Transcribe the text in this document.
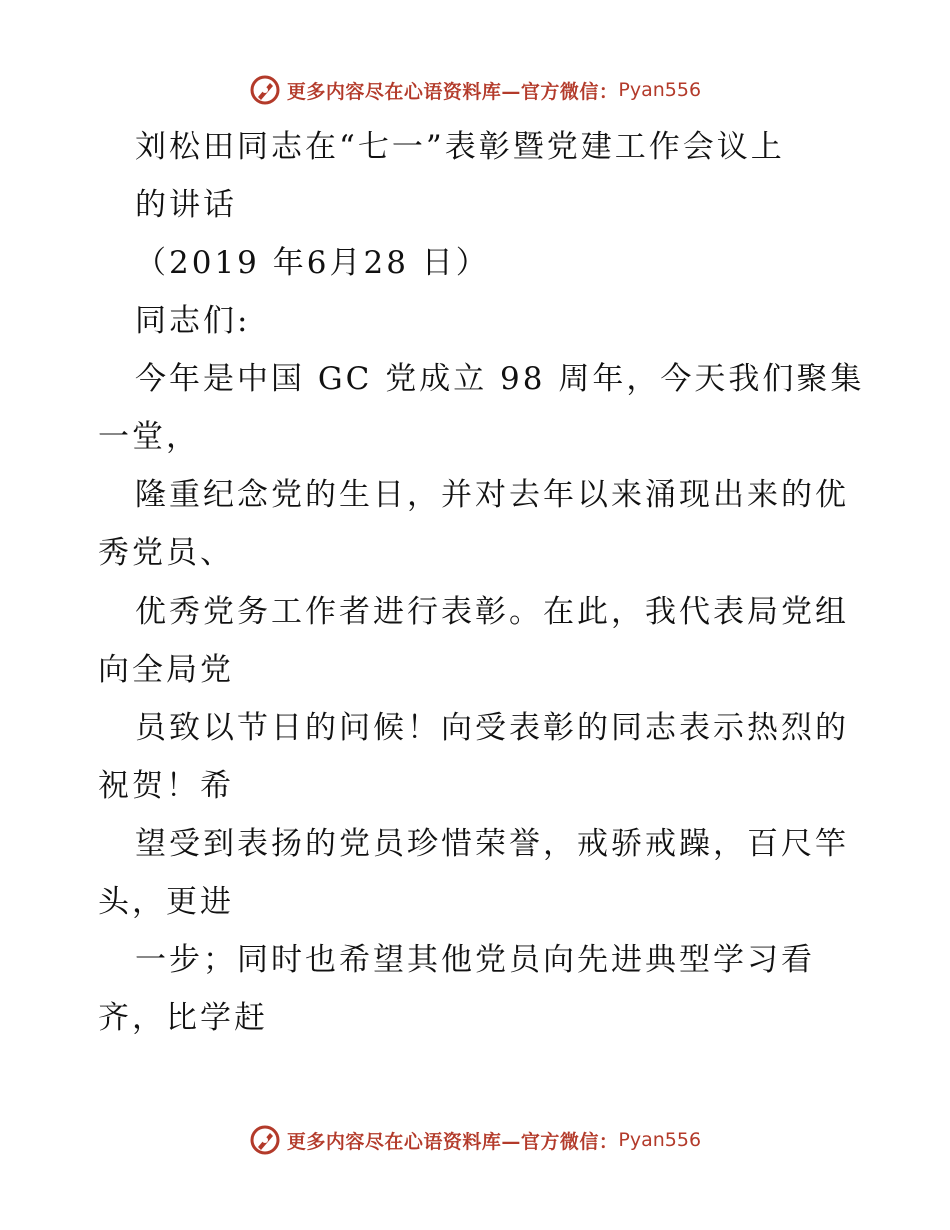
更多内容尽在心语资料库—官方微信： Pyan556
刘松田同志在“七一”表彰暨党建工作会议上
的讲话
（2019 年6月28 日）
同志们:
今年是中国 GC 党成立 98 周年，今天我们聚集
一堂，
隆重纪念党的生日，并对去年以来涌现出来的优
秀党员、
优秀党务工作者进行表彰。在此，我代表局党组
向全局党
员致以节日的问候！向受表彰的同志表示热烈的
祝贺！希
望受到表扬的党员珍惜荣誉，戒骄戒躁，百尺竿
头，更进
一步；同时也希望其他党员向先进典型学习看
齐，比学赶
更多内容尽在心语资料库—官方微信： Pyan556
